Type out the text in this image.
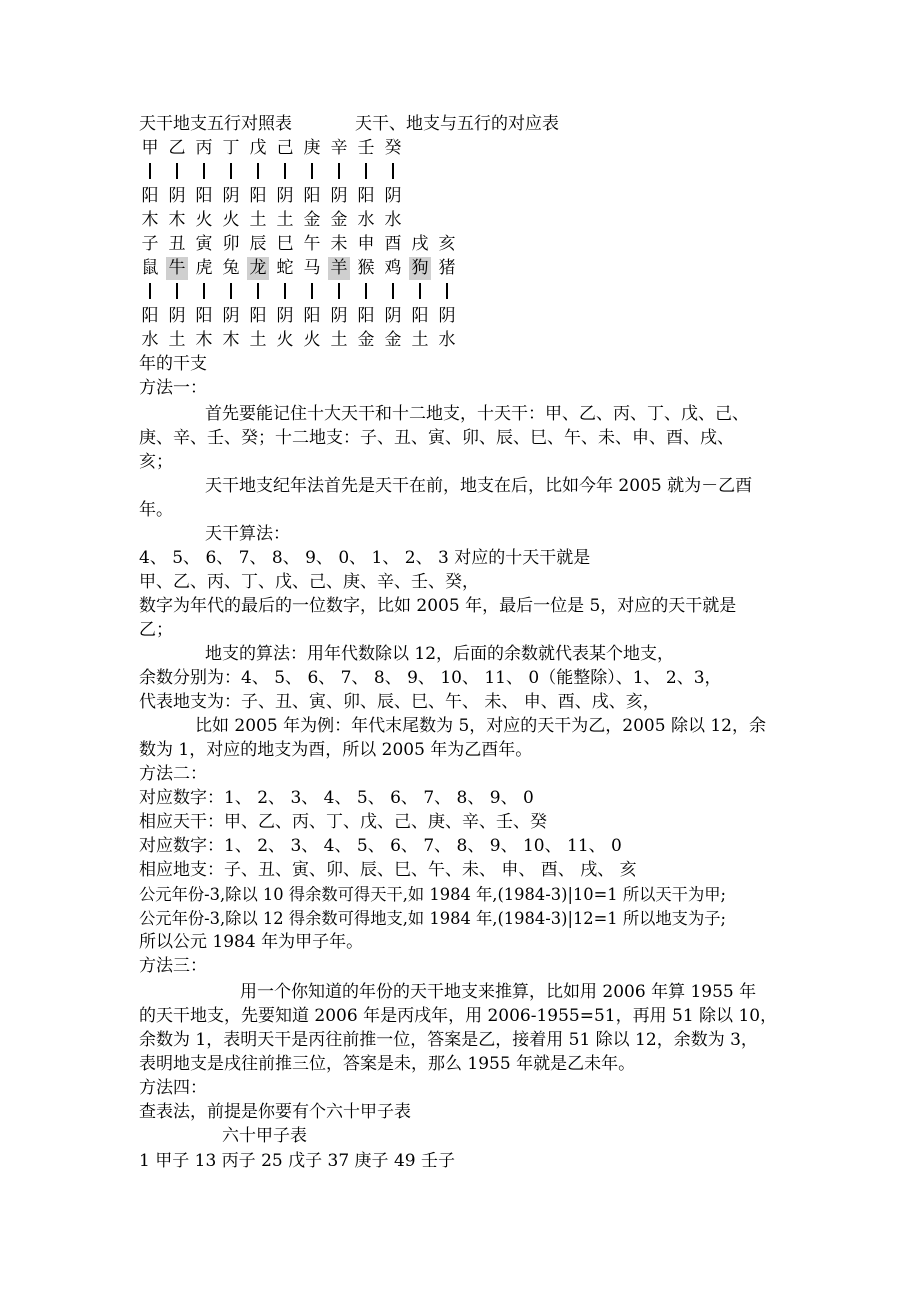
天干地支五行对照表	天干、地支与五行的对应表
甲 乙 丙 丁 戊 己 庚 辛 壬 癸
阳 阴 阳 阴 阳 阴 阳 阴 阳 阴
木 木 火 火 土 土 金 金 水 水
子 丑 寅 卯 辰 巳 午 未 申 酉 戌 亥
鼠 牛 虎 兔 龙 蛇 马 羊 猴 鸡 狗 猪
阳 阴 阳 阴 阳 阴 阳 阴 阳 阴 阳 阴
水 土 木 木 土 火 火 土 金 金 土 水
年的干支
方法一：
首先要能记住十大天干和十二地支，十天干：甲、乙、丙、丁、戊、己、
庚、辛、壬、癸；十二地支：子、丑、寅、卯、辰、巳、午、未、申、酉、戌、
亥；
天干地支纪年法首先是天干在前，地支在后，比如今年 2005 就为－乙酉
年。
天干算法：
4、 5、 6、 7、 8、 9、 0、 1、 2、 3 对应的十天干就是
甲、乙、丙、丁、戊、己、庚、辛、壬、癸，
数字为年代的最后的一位数字，比如 2005 年，最后一位是 5，对应的天干就是
乙；
地支的算法：用年代数除以 12，后面的余数就代表某个地支，
余数分别为：4、 5、 6、 7、 8、 9、 10、 11、 0（能整除）、1、 2、3，
代表地支为：子、丑、寅、卯、辰、巳、午、 未、 申、酉、戌、亥，
比如 2005 年为例：年代末尾数为 5，对应的天干为乙，2005 除以 12，余
数为 1，对应的地支为酉，所以 2005 年为乙酉年。
方法二：
对应数字：1、 2、 3、 4、 5、 6、 7、 8、 9、 0
相应天干：甲、乙、丙、丁、戊、己、庚、辛、壬、癸
对应数字：1、 2、 3、 4、 5、 6、 7、 8、 9、 10、 11、 0
相应地支：子、丑、寅、卯、辰、巳、午、未、 申、 酉、 戌、 亥
公元年份-3,除以 10 得余数可得天干,如 1984 年,(1984-3)|10=1 所以天干为甲;
公元年份-3,除以 12 得余数可得地支,如 1984 年,(1984-3)|12=1 所以地支为子;
所以公元 1984 年为甲子年。
方法三：
用一个你知道的年份的天干地支来推算，比如用 2006 年算 1955 年
的天干地支，先要知道 2006 年是丙戌年，用 2006-1955=51，再用 51 除以 10，
余数为 1，表明天干是丙往前推一位，答案是乙，接着用 51 除以 12，余数为 3，
表明地支是戌往前推三位，答案是未，那么 1955 年就是乙未年。
方法四：
查表法，前提是你要有个六十甲子表
六十甲子表
1 甲子 13 丙子 25 戊子 37 庚子 49 壬子
